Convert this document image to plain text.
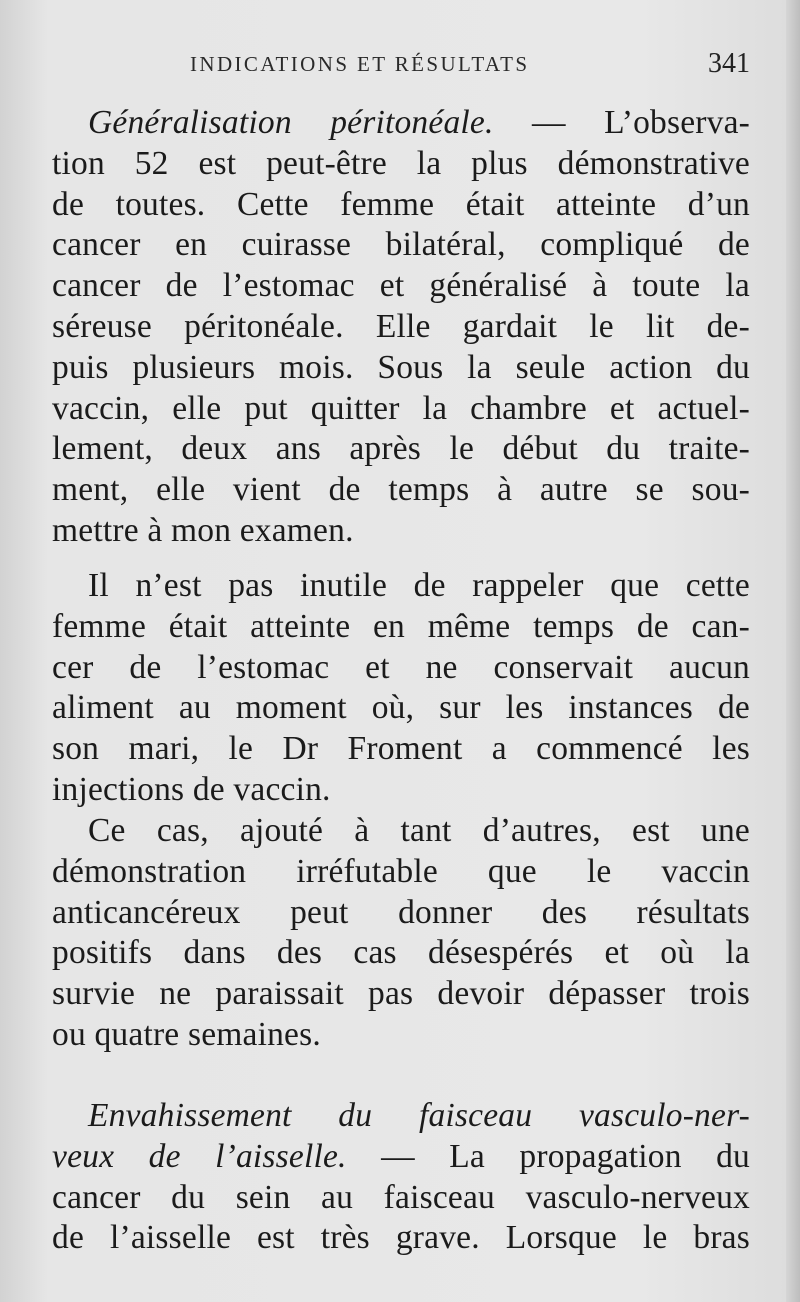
INDICATIONS ET RÉSULTATS	341
Généralisation péritonéale. — L’observa-
tion 52 est peut-être la plus démonstrative
de toutes. Cette femme était atteinte d’un
cancer en cuirasse bilatéral, compliqué de
cancer de l’estomac et généralisé à toute la
séreuse péritonéale. Elle gardait le lit de-
puis plusieurs mois. Sous la seule action du
vaccin, elle put quitter la chambre et actuel-
lement, deux ans après le début du traite-
ment, elle vient de temps à autre se sou-
mettre à mon examen.
Il n’est pas inutile de rappeler que cette
femme était atteinte en même temps de can-
cer de l’estomac et ne conservait aucun
aliment au moment où, sur les instances de
son mari, le Dr Froment a commencé les
injections de vaccin.
Ce cas, ajouté à tant d’autres, est une
démonstration irréfutable que le vaccin
anticancéreux peut donner des résultats
positifs dans des cas désespérés et où la
survie ne paraissait pas devoir dépasser trois
ou quatre semaines.
Envahissement du faisceau vasculo-ner-
veux de l’aisselle. — La propagation du
cancer du sein au faisceau vasculo-nerveux
de l’aisselle est très grave. Lorsque le bras
